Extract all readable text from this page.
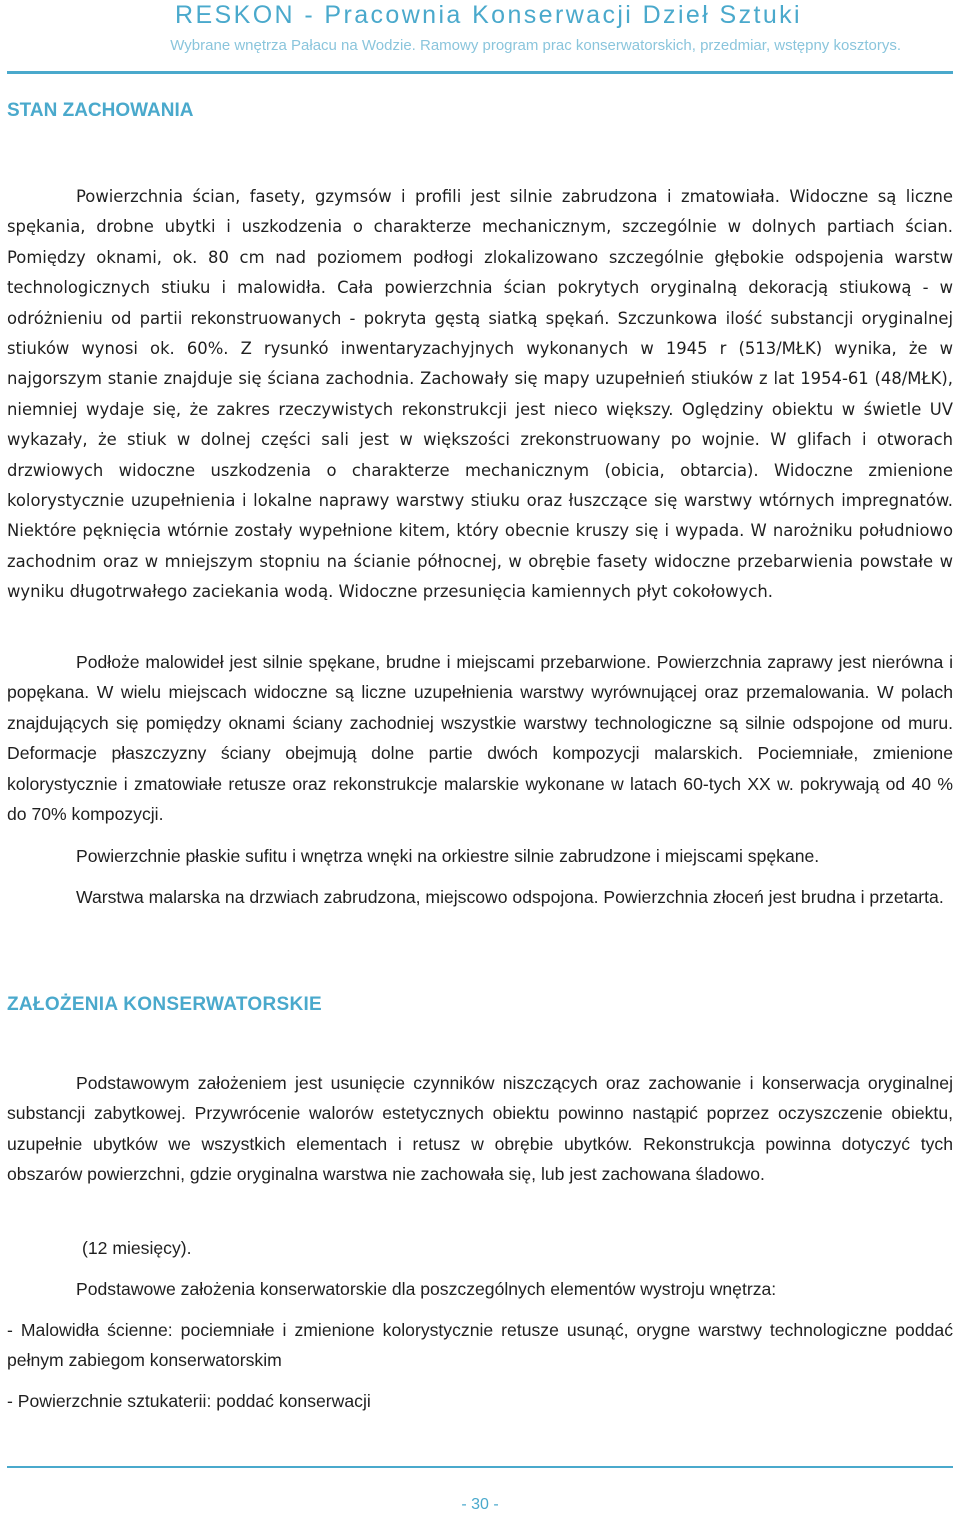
RESKON - Pracownia Konserwacji Dzieł Sztuki
Wybrane wnętrza Pałacu na Wodzie. Ramowy program prac konserwatorskich, przedmiar, wstępny kosztorys.
STAN ZACHOWANIA

Powierzchnia ścian, fasety, gzymsów i profili jest silnie zabrudzona i zmatowiała. Widoczne są liczne spękania, drobne ubytki i uszkodzenia o charakterze mechanicznym, szczególnie w dolnych partiach ścian. Pomiędzy oknami, ok. 80 cm nad poziomem podłogi zlokalizowano szczególnie głębokie odspojenia warstw technologicznych stiuku i malowidła. Cała powierzchnia ścian pokrytych oryginalną dekoracją stiukową - w odróżnieniu od partii rekonstruowanych - pokryta gęstą siatką spękań. Szczunkowa ilość substancji oryginalnej stiuków wynosi ok. 60%. Z rysunkó inwentaryzachyjnych wykonanych w 1945 r (513/MŁK) wynika, że w najgorszym stanie znajduje się ściana zachodnia. Zachowały się mapy uzupełnień stiuków z lat 1954-61 (48/MŁK), niemniej wydaje się, że zakres rzeczywistych rekonstrukcji jest nieco większy. Oględziny obiektu w świetle UV wykazały, że stiuk w dolnej części sali jest w większości zrekonstruowany po wojnie. W glifach i otworach drzwiowych widoczne uszkodzenia o charakterze mechanicznym (obicia, obtarcia). Widoczne zmienione kolorystycznie uzupełnienia i lokalne naprawy warstwy stiuku oraz łuszczące się warstwy wtórnych impregnatów. Niektóre pęknięcia wtórnie zostały wypełnione kitem, który obecnie kruszy się i wypada. W narożniku południowo zachodnim oraz w mniejszym stopniu na ścianie północnej, w obrębie fasety widoczne przebarwienia powstałe w wyniku długotrwałego zaciekania wodą. Widoczne przesunięcia kamiennych płyt cokołowych.

Podłoże malowideł jest silnie spękane, brudne i miejscami przebarwione. Powierzchnia zaprawy jest nierówna i popękana. W wielu miejscach widoczne są liczne uzupełnienia warstwy wyrównującej oraz przemalowania. W polach znajdujących się pomiędzy oknami ściany zachodniej wszystkie warstwy technologiczne są silnie odspojone od muru. Deformacje płaszczyzny ściany obejmują dolne partie dwóch kompozycji malarskich. Pociemniałe, zmienione kolorystycznie i zmatowiałe retusze oraz rekonstrukcje malarskie wykonane w latach 60-tych XX w. pokrywają od 40 % do 70% kompozycji.

Powierzchnie płaskie sufitu i wnętrza wnęki na orkiestre silnie zabrudzone i miejscami spękane.

Warstwa malarska na drzwiach zabrudzona, miejscowo odspojona. Powierzchnia złoceń jest brudna i przetarta.

ZAŁOŻENIA KONSERWATORSKIE

Podstawowym założeniem jest usunięcie czynników niszczących oraz zachowanie i konserwacja oryginalnej substancji zabytkowej. Przywrócenie walorów estetycznych obiektu powinno nastąpić poprzez oczyszczenie obiektu, uzupełnie ubytków we wszystkich elementach i retusz w obrębie ubytków. Rekonstrukcja powinna dotyczyć tych obszarów powierzchni, gdzie oryginalna warstwa nie zachowała się, lub jest zachowana śladowo.

(12 miesięcy).

Podstawowe założenia konserwatorskie dla poszczególnych elementów wystroju wnętrza:

- Malowidła ścienne: pociemniałe i zmienione kolorystycznie retusze usunąć, orygne warstwy technologiczne poddać pełnym zabiegom konserwatorskim

- Powierzchnie sztukaterii: poddać konserwacji

- 30 -
